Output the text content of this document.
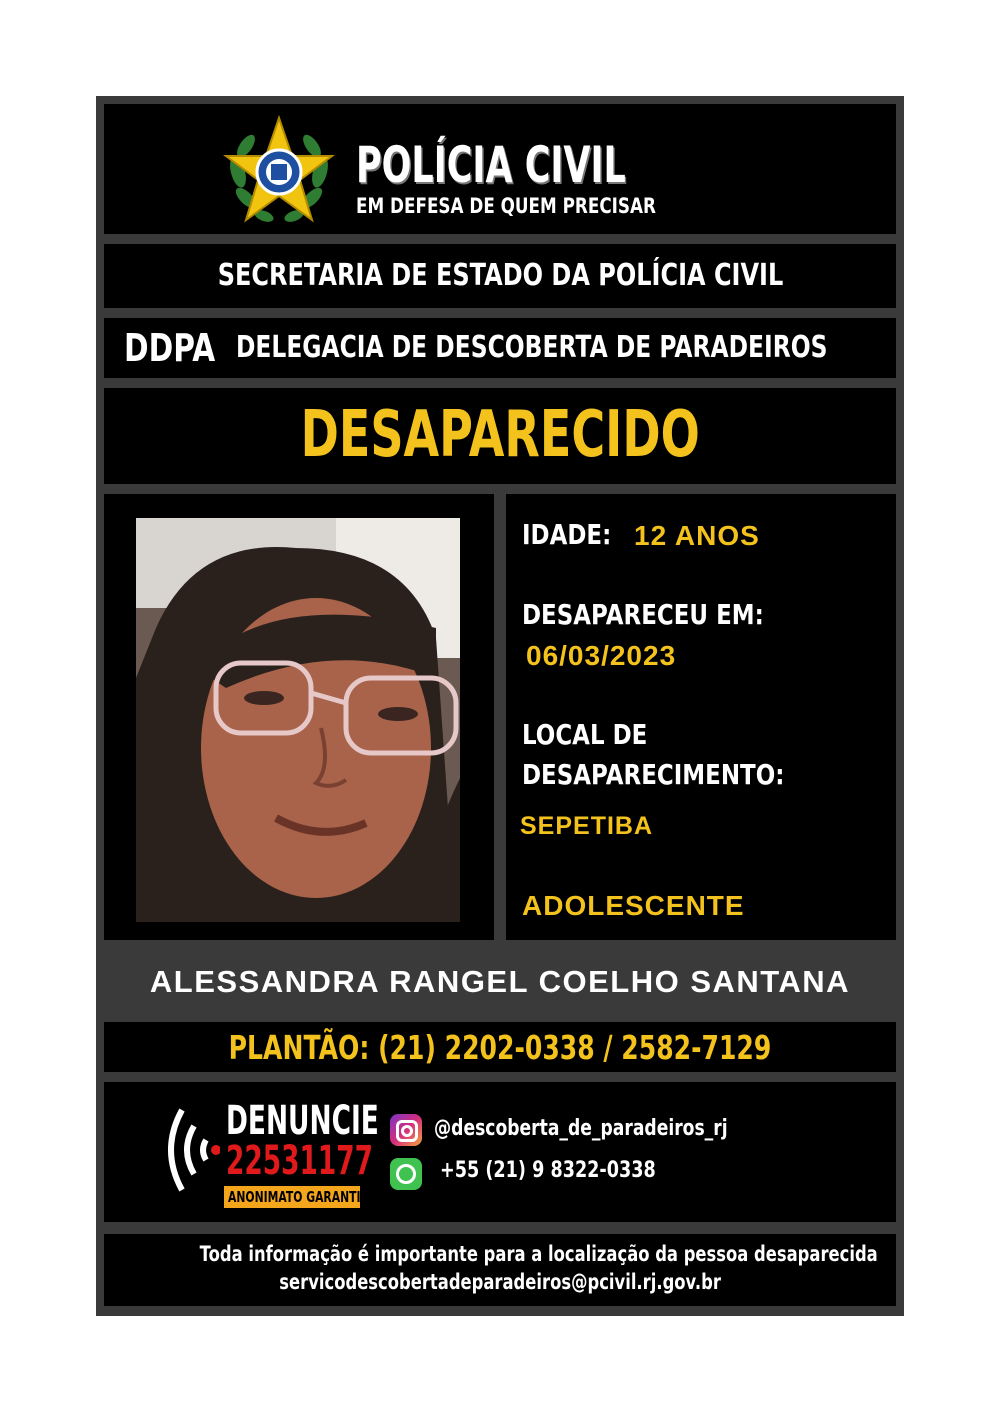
POLÍCIA CIVIL
EM DEFESA DE QUEM PRECISAR
SECRETARIA DE ESTADO DA POLÍCIA CIVIL
DDPA DELEGACIA DE DESCOBERTA DE PARADEIROS
DESAPARECIDO
IDADE: 12 ANOS
DESAPARECEU EM:
06/03/2023
LOCAL DE
DESAPARECIMENTO:
SEPETIBA
ADOLESCENTE
ALESSANDRA RANGEL COELHO SANTANA
PLANTÃO: (21) 2202-0338 / 2582-7129
DENUNCIE
22531177
ANONIMATO GARANTIDO
@descoberta_de_paradeiros_rj
+55 (21) 9 8322-0338
Toda informação é importante para a localização da pessoa desaparecida
servicodescobertadeparadeiros@pcivil.rj.gov.br
